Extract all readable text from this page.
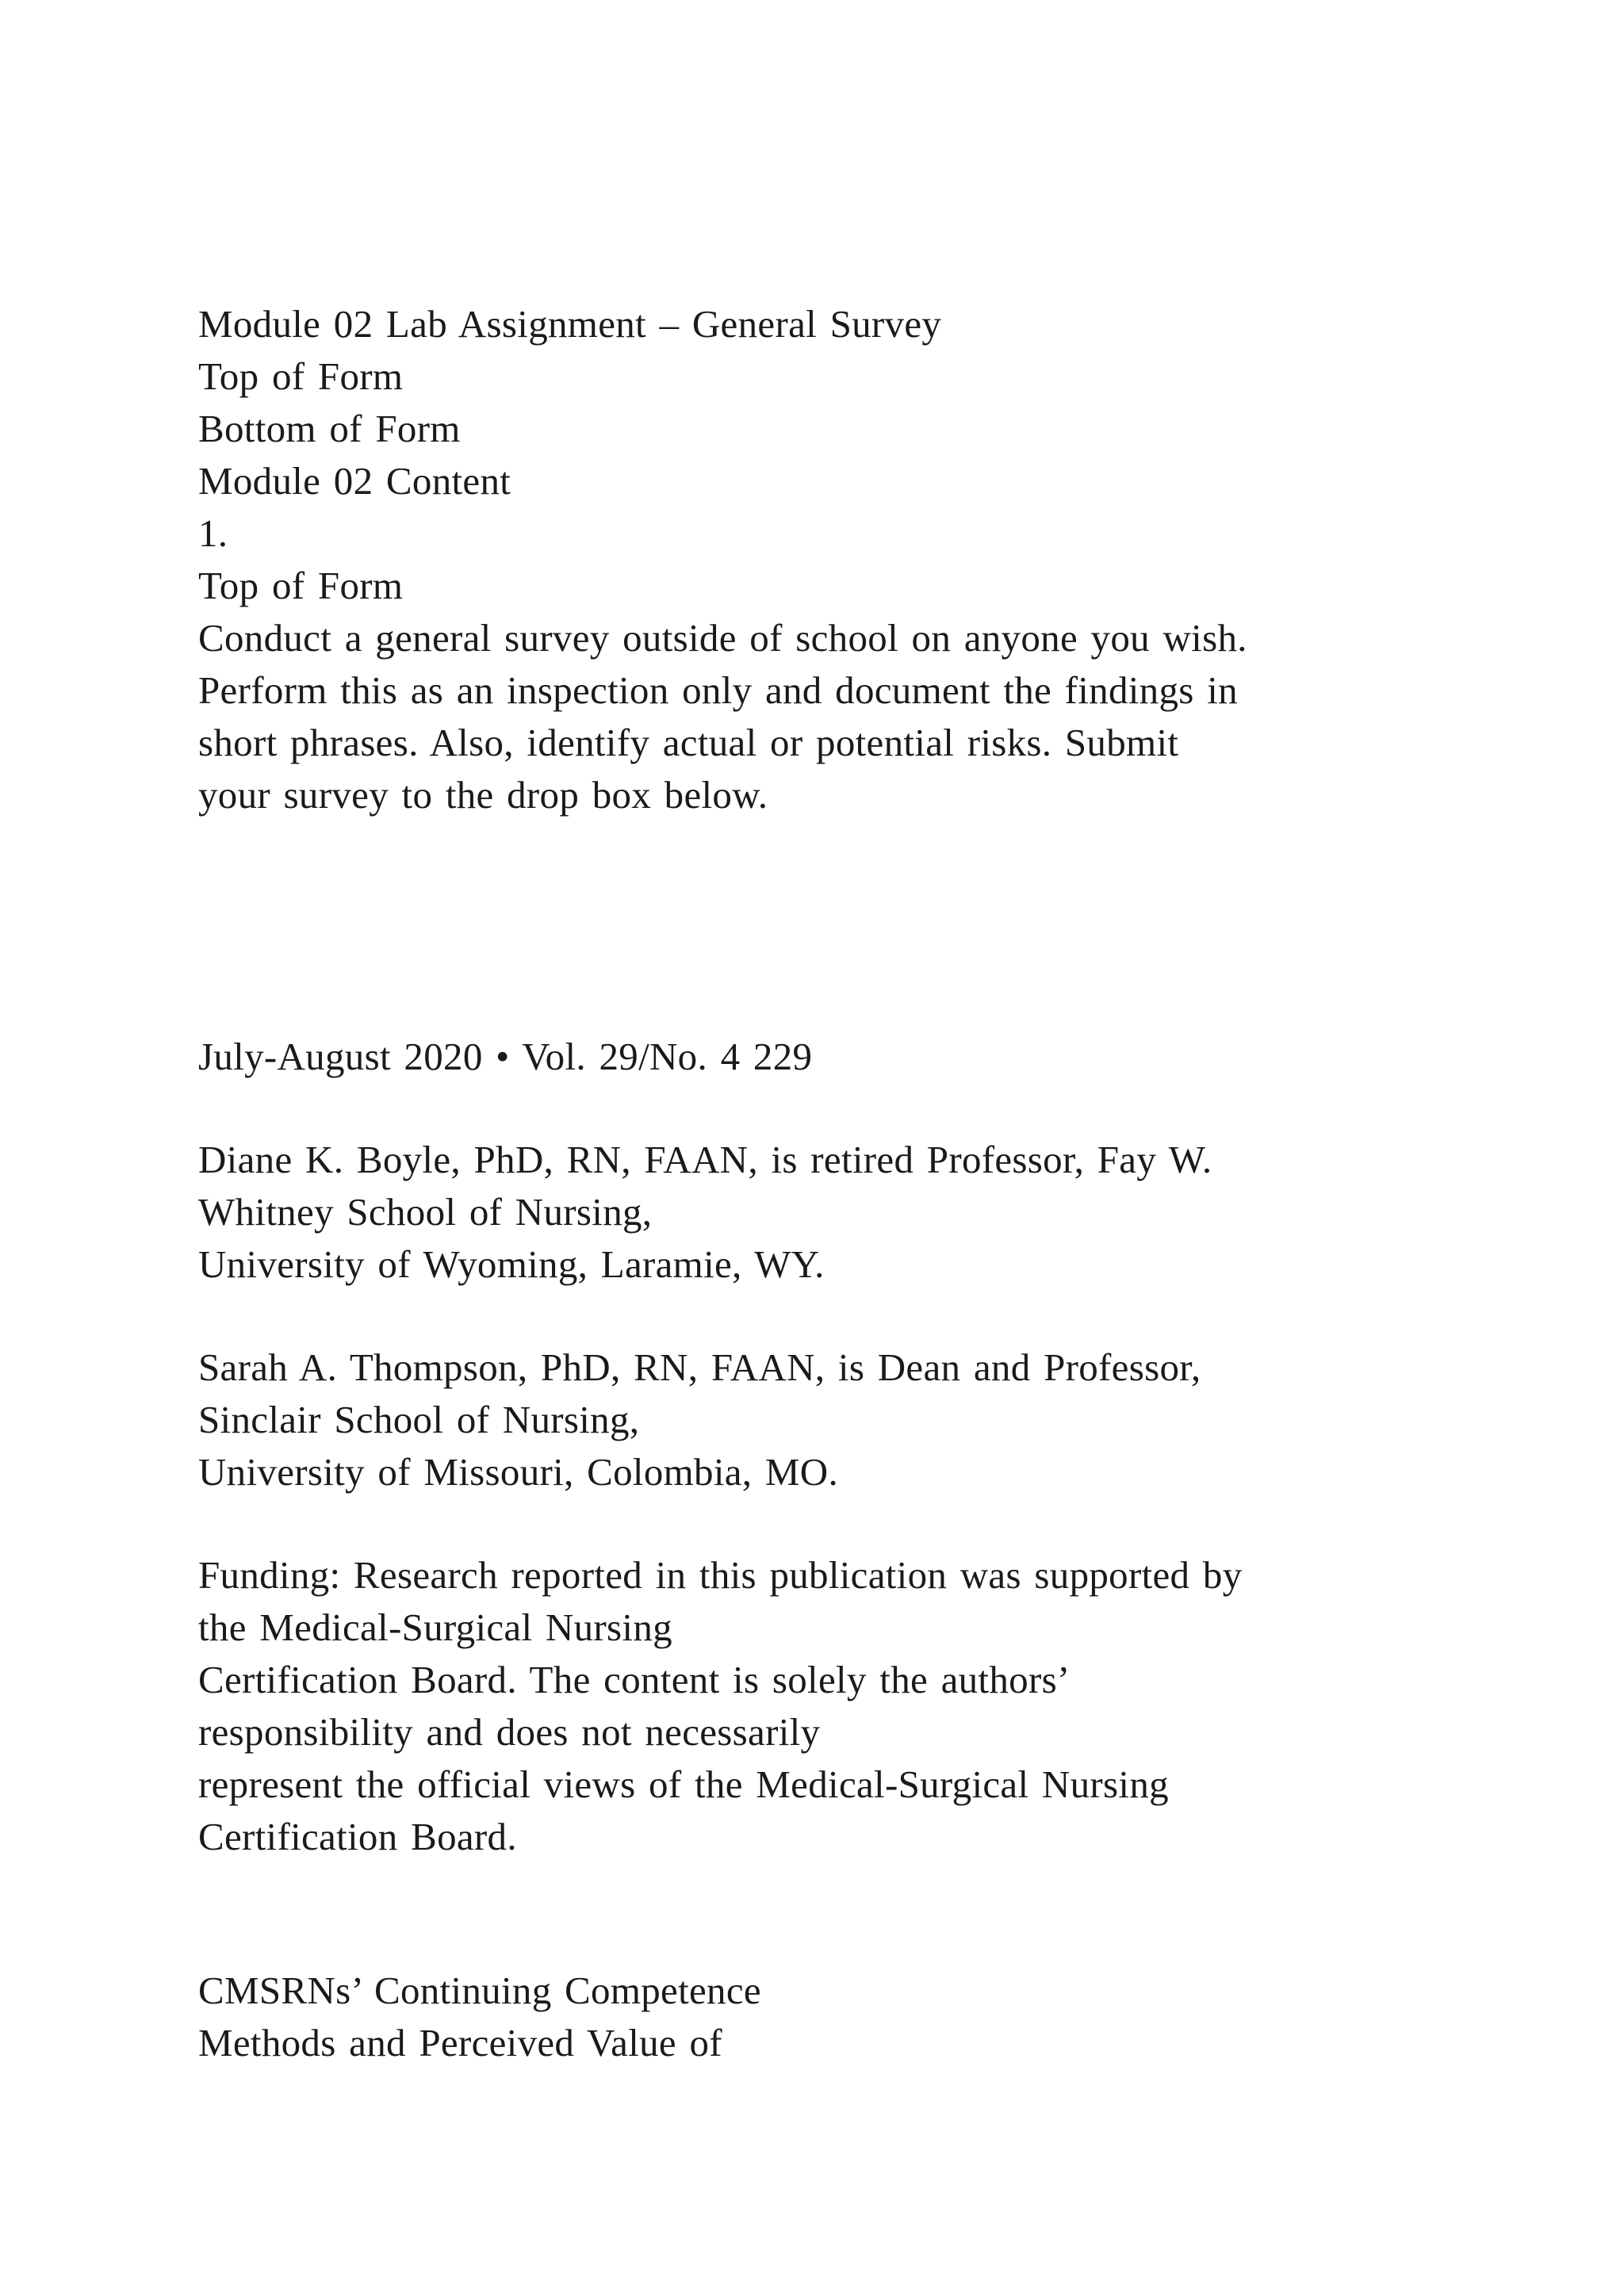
Module 02 Lab Assignment – General Survey
Top of Form
Bottom of Form
Module 02 Content
1.
Top of Form
Conduct a general survey outside of school on anyone you wish.
Perform this as an inspection only and document the findings in
short phrases. Also, identify actual or potential risks. Submit
your survey to the drop box below.
July-August 2020 • Vol. 29/No. 4 229
Diane K. Boyle, PhD, RN, FAAN, is retired Professor, Fay W.
Whitney School of Nursing,
University of Wyoming, Laramie, WY.
Sarah A. Thompson, PhD, RN, FAAN, is Dean and Professor,
Sinclair School of Nursing,
University of Missouri, Colombia, MO.
Funding: Research reported in this publication was supported by
the Medical-Surgical Nursing
Certification Board. The content is solely the authors’
responsibility and does not necessarily
represent the official views of the Medical-Surgical Nursing
Certification Board.
CMSRNs’ Continuing Competence
Methods and Perceived Value of
